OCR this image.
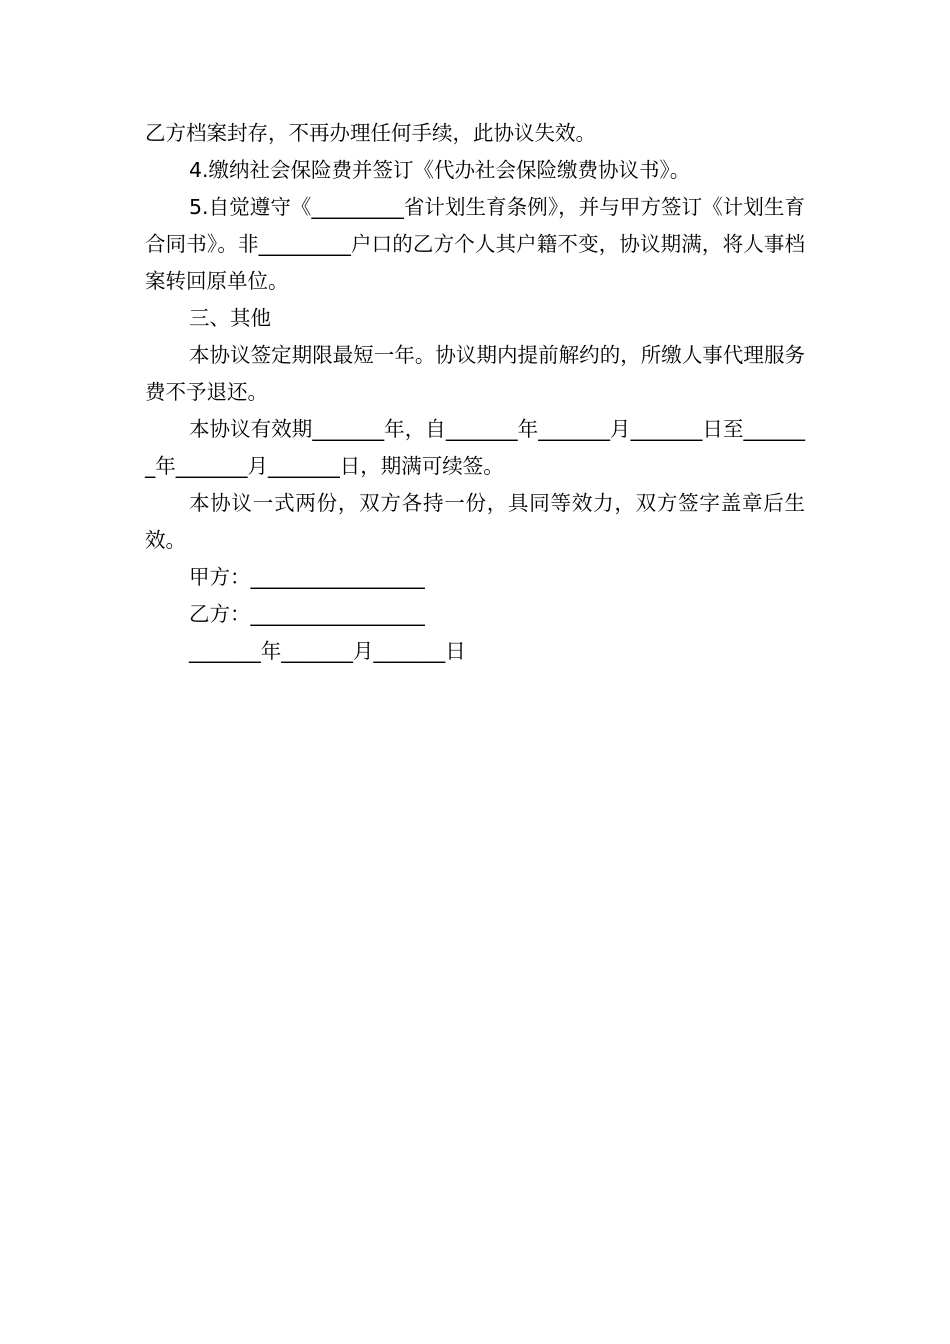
乙方档案封存，不再办理任何手续，此协议失效。

4.缴纳社会保险费并签订《代办社会保险缴费协议书》。

5.自觉遵守《_________省计划生育条例》，并与甲方签订《计划生育合同书》。非_________户口的乙方个人其户籍不变，协议期满，将人事档案转回原单位。

三、其他

本协议签定期限最短一年。协议期内提前解约的，所缴人事代理服务费不予退还。

本协议有效期_______年，自_______年_______月_______日至_______年_______月_______日，期满可续签。

本协议一式两份，双方各持一份，具同等效力，双方签字盖章后生效。

甲方：_________________

乙方：_________________

_______年_______月_______日
